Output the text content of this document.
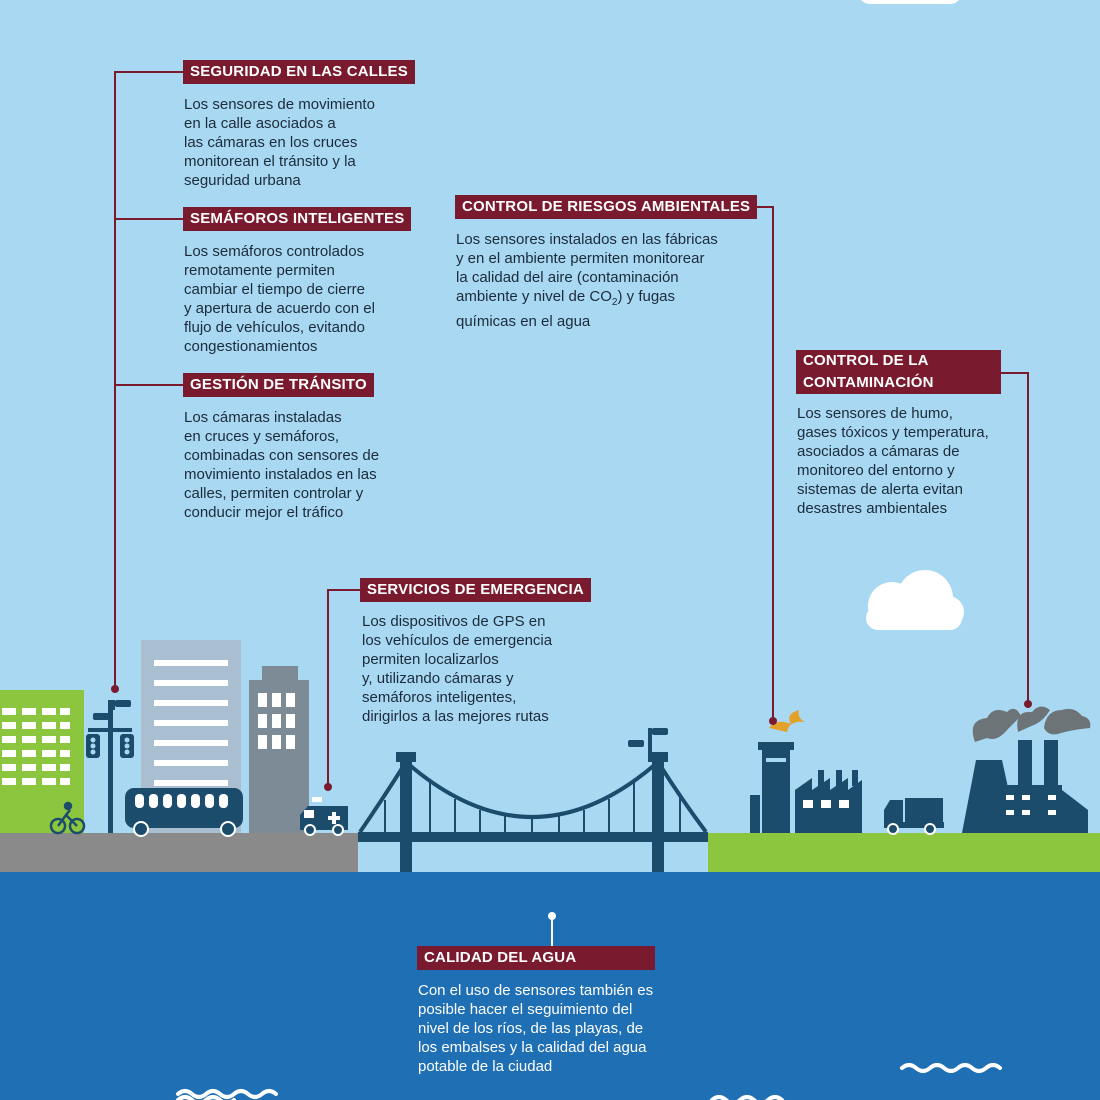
SEGURIDAD EN LAS CALLES
Los sensores de movimiento
en la calle asociados a
las cámaras en los cruces
monitorean el tránsito y la
seguridad urbana
SEMÁFOROS INTELIGENTES
Los semáforos controlados
remotamente permiten
cambiar el tiempo de cierre
y apertura de acuerdo con el
flujo de vehículos, evitando
congestionamientos
GESTIÓN DE TRÁNSITO
Los cámaras instaladas
en cruces y semáforos,
combinadas con sensores de
movimiento instalados en las
calles, permiten controlar y
conducir mejor el tráfico
CONTROL DE RIESGOS AMBIENTALES
Los sensores instalados en las fábricas
y en el ambiente permiten monitorear
la calidad del aire (contaminación
ambiente y nivel de $CO_2$) y fugas
químicas en el agua
CONTROL DE LA CONTAMINACIÓN
Los sensores de humo,
gases tóxicos y temperatura,
asociados a cámaras de
monitoreo del entorno y
sistemas de alerta evitan
desastres ambientales
SERVICIOS DE EMERGENCIA
Los dispositivos de GPS en
los vehículos de emergencia
permiten localizarlos
y, utilizando cámaras y
semáforos inteligentes,
dirigirlos a las mejores rutas
CALIDAD DEL AGUA
Con el uso de sensores también es
posible hacer el seguimiento del
nivel de los ríos, de las playas, de
los embalses y la calidad del agua
potable de la ciudad
